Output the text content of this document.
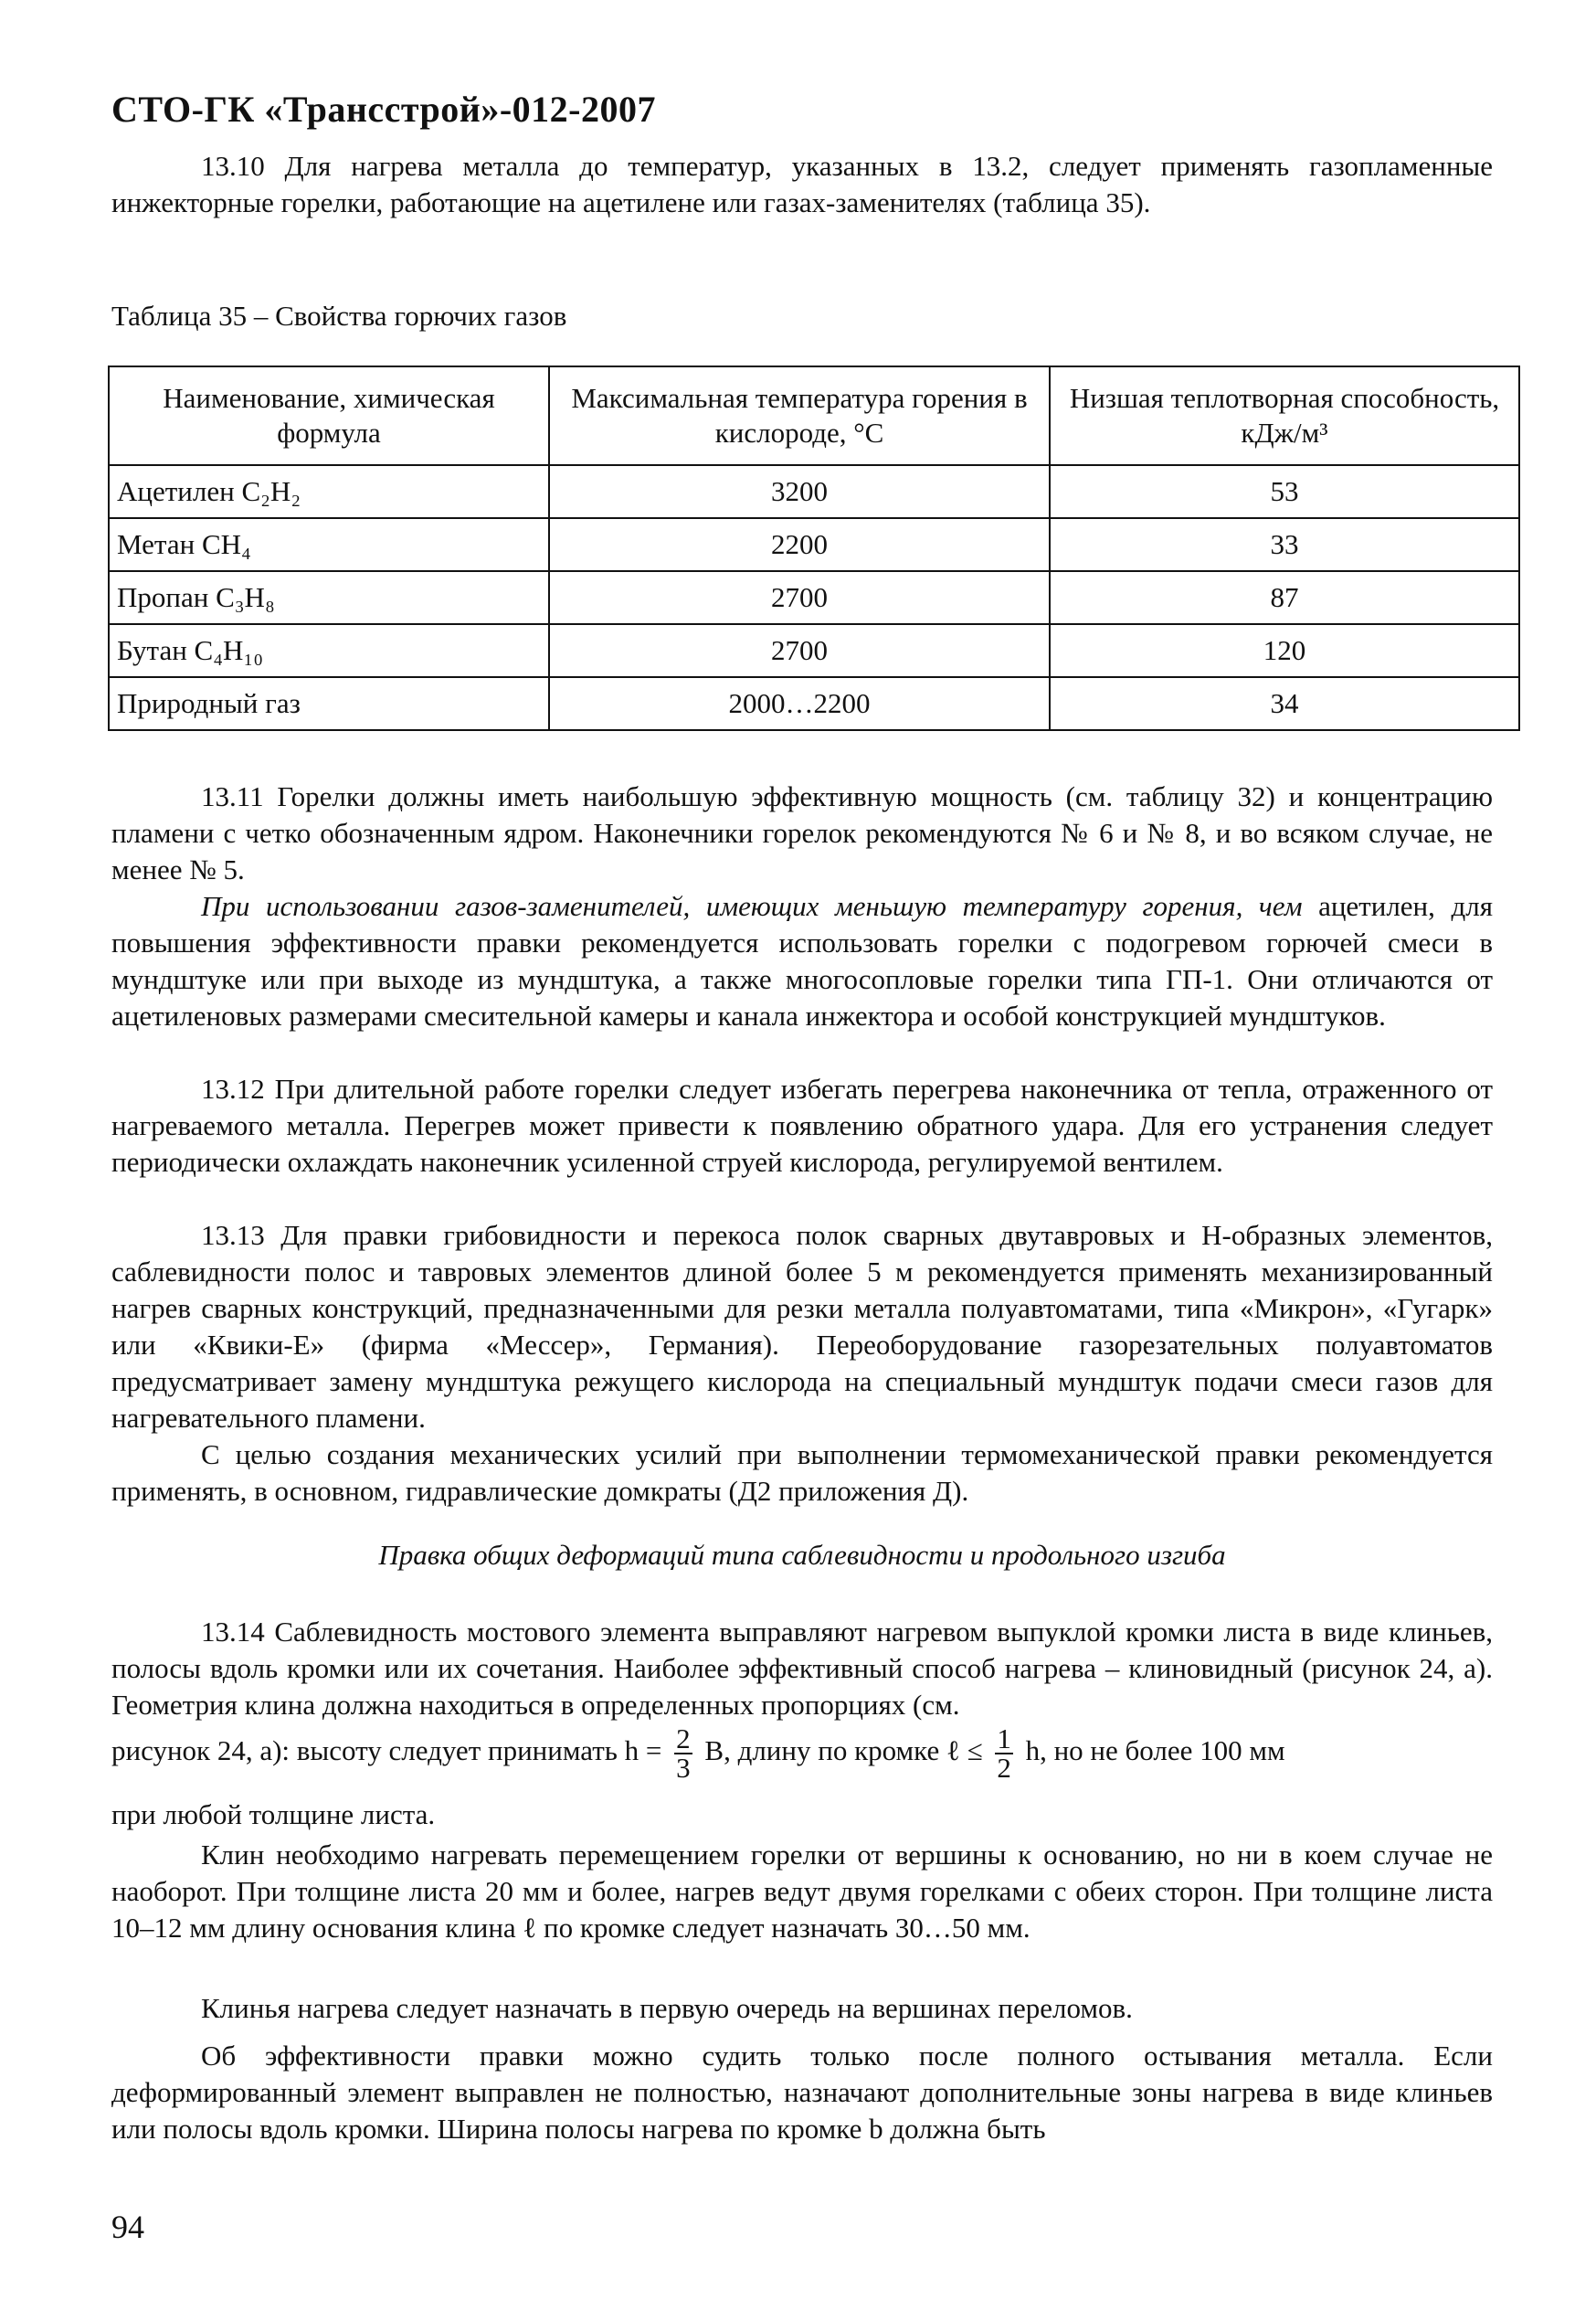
СТО-ГК «Трансстрой»-012-2007
13.10 Для нагрева металла до температур, указанных в 13.2, следует применять газопламенные инжекторные горелки, работающие на ацетилене или газах-заменителях (таблица 35).
Таблица 35 – Свойства горючих газов
Наименование, химическая формула	Максимальная температура горения в кислороде, °С	Низшая теплотворная способность, кДж/м³
Ацетилен C₂H₂	3200	53
Метан CH₄	2200	33
Пропан C₃H₈	2700	87
Бутан C₄H₁₀	2700	120
Природный газ	2000…2200	34
13.11 Горелки должны иметь наибольшую эффективную мощность (см. таблицу 32) и концентрацию пламени с четко обозначенным ядром. Наконечники горелок рекомендуются № 6 и № 8, и во всяком случае, не менее № 5.
При использовании газов-заменителей, имеющих меньшую температуру горения, чем ацетилен, для повышения эффективности правки рекомендуется использовать горелки с подогревом горючей смеси в мундштуке или при выходе из мундштука, а также многосопловые горелки типа ГП-1. Они отличаются от ацетиленовых размерами смесительной камеры и канала инжектора и особой конструкцией мундштуков.
13.12 При длительной работе горелки следует избегать перегрева наконечника от тепла, отраженного от нагреваемого металла. Перегрев может привести к появлению обратного удара. Для его устранения следует периодически охлаждать наконечник усиленной струей кислорода, регулируемой вентилем.
13.13 Для правки грибовидности и перекоса полок сварных двутавровых и Н-образных элементов, саблевидности полос и тавровых элементов длиной более 5 м рекомендуется применять механизированный нагрев сварных конструкций, предназначенными для резки металла полуавтоматами, типа «Микрон», «Гугарк» или «Квики-Е» (фирма «Мессер», Германия). Переоборудование газорезательных полуавтоматов предусматривает замену мундштука режущего кислорода на специальный мундштук подачи смеси газов для нагревательного пламени.
С целью создания механических усилий при выполнении термомеханической правки рекомендуется применять, в основном, гидравлические домкраты (Д2 приложения Д).
Правка общих деформаций типа саблевидности и продольного изгиба
13.14 Саблевидность мостового элемента выправляют нагревом выпуклой кромки листа в виде клиньев, полосы вдоль кромки или их сочетания. Наиболее эффективный способ нагрева – клиновидный (рисунок 24, а). Геометрия клина должна находиться в определенных пропорциях (см.
рисунок 24, а): высоту следует принимать $h = \frac{2}{3} B$, длину по кромке ℓ ≤ $\frac{1}{2} h$, но не более 100 мм
при любой толщине листа.
Клин необходимо нагревать перемещением горелки от вершины к основанию, но ни в коем случае не наоборот. При толщине листа 20 мм и более, нагрев ведут двумя горелками с обеих сторон. При толщине листа 10–12 мм длину основания клина ℓ по кромке следует назначать 30…50 мм.
Клинья нагрева следует назначать в первую очередь на вершинах переломов.
Об эффективности правки можно судить только после полного остывания металла. Если деформированный элемент выправлен не полностью, назначают дополнительные зоны нагрева в виде клиньев или полосы вдоль кромки. Ширина полосы нагрева по кромке b должна быть
94
